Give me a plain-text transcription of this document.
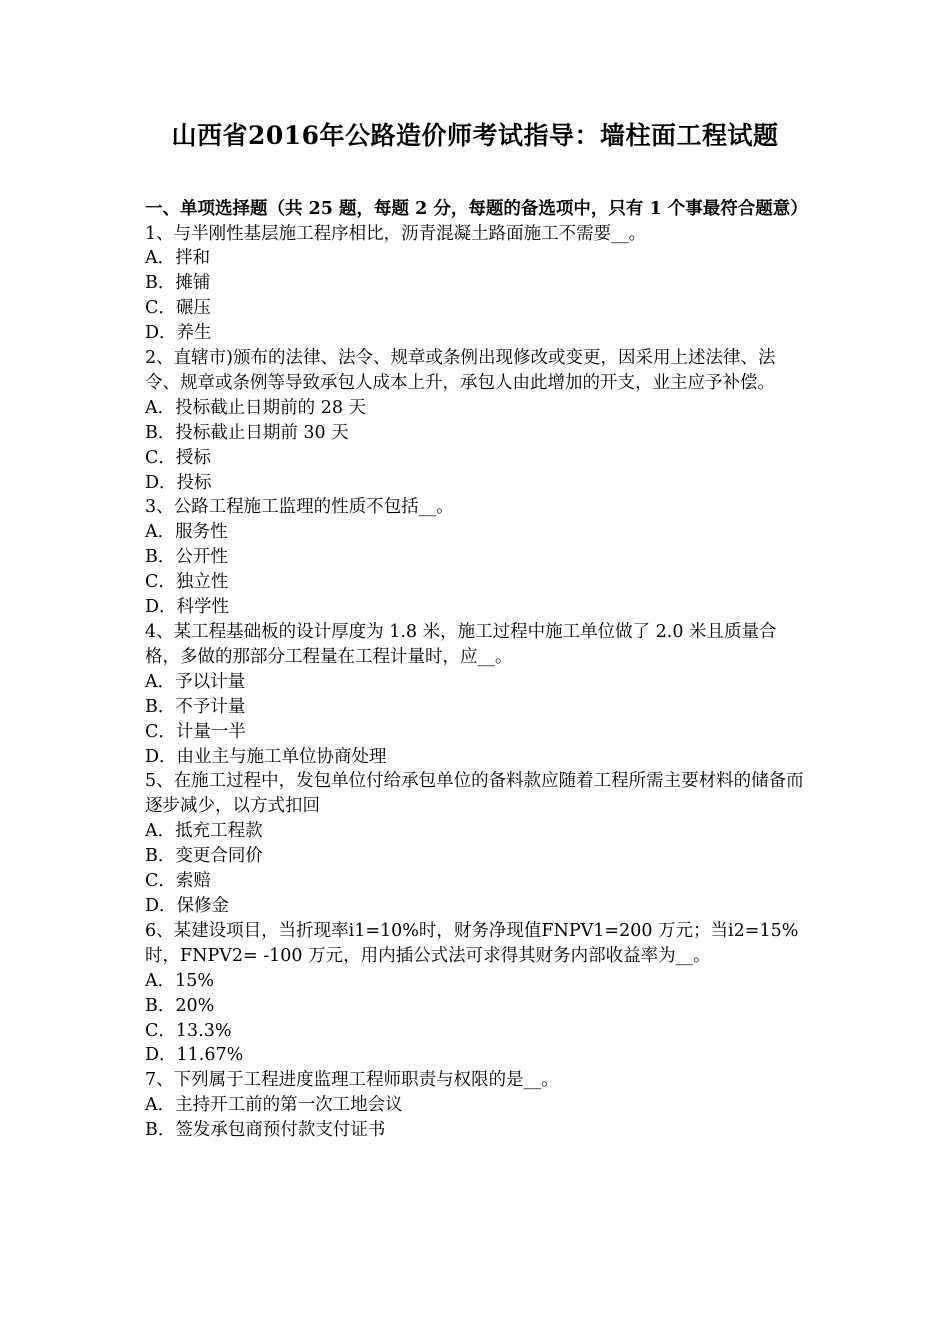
山西省2016年公路造价师考试指导：墙柱面工程试题

一、单项选择题（共 25 题，每题 2 分，每题的备选项中，只有 1 个事最符合题意）

1、与半刚性基层施工程序相比，沥青混凝土路面施工不需要__。

A．拌和

B．摊铺

C．碾压

D．养生

2、直辖市)颁布的法律、法令、规章或条例出现修改或变更，因采用上述法律、法令、规章或条例等导致承包人成本上升，承包人由此增加的开支，业主应予补偿。

A．投标截止日期前的 28 天

B．投标截止日期前 30 天

C．授标

D．投标

3、公路工程施工监理的性质不包括__。

A．服务性

B．公开性

C．独立性

D．科学性

4、某工程基础板的设计厚度为 1.8 米，施工过程中施工单位做了 2.0 米且质量合格，多做的那部分工程量在工程计量时，应__。

A．予以计量

B．不予计量

C．计量一半

D．由业主与施工单位协商处理

5、在施工过程中，发包单位付给承包单位的备料款应随着工程所需主要材料的储备而逐步减少，以方式扣回

A．抵充工程款

B．变更合同价

C．索赔

D．保修金

6、某建设项目，当折现率i1=10%时，财务净现值FNPV1=200 万元；当i2=15%时，FNPV2= -100 万元，用内插公式法可求得其财务内部收益率为__。

A．15%

B．20%

C．13.3%

D．11.67%

7、下列属于工程进度监理工程师职责与权限的是__。

A．主持开工前的第一次工地会议

B．签发承包商预付款支付证书
